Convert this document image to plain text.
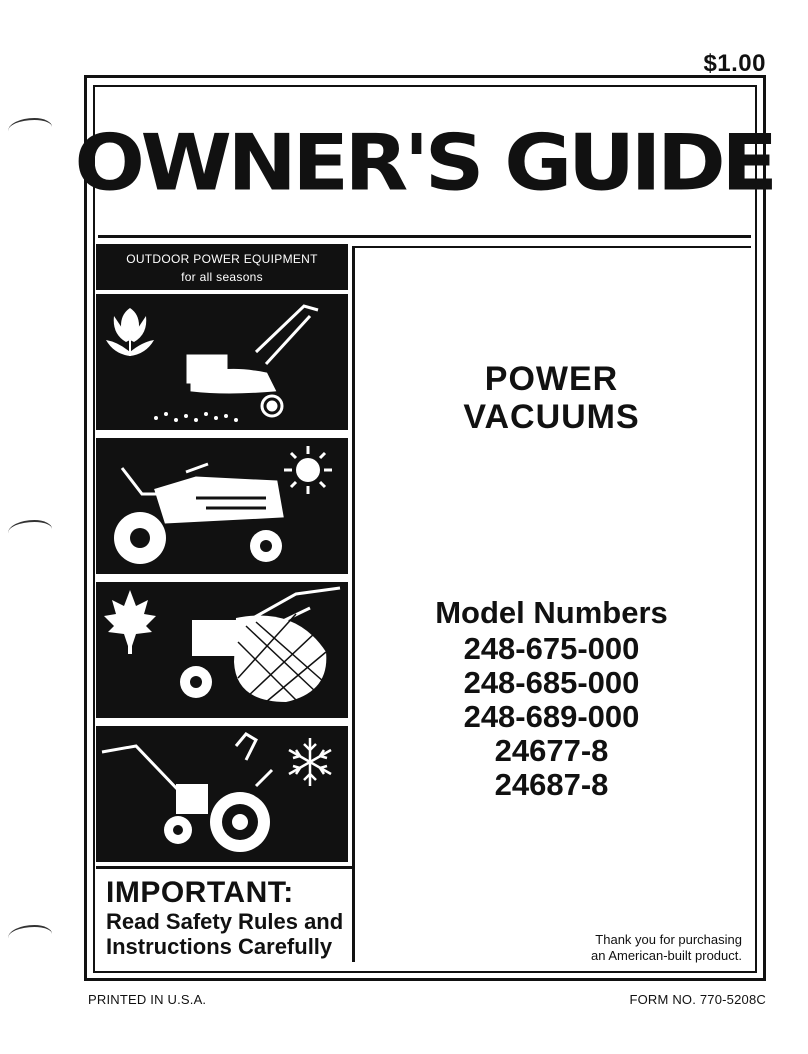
$1.00
OWNER'S GUIDE
OUTDOOR POWER EQUIPMENT
for all seasons
POWER
VACUUMS
Model Numbers
248-675-000
248-685-000
248-689-000
24677-8
24687-8
IMPORTANT:
Read Safety Rules and
Instructions Carefully	Thank you for purchasing
an American-built product.
PRINTED IN U.S.A.	FORM NO. 770-5208C
